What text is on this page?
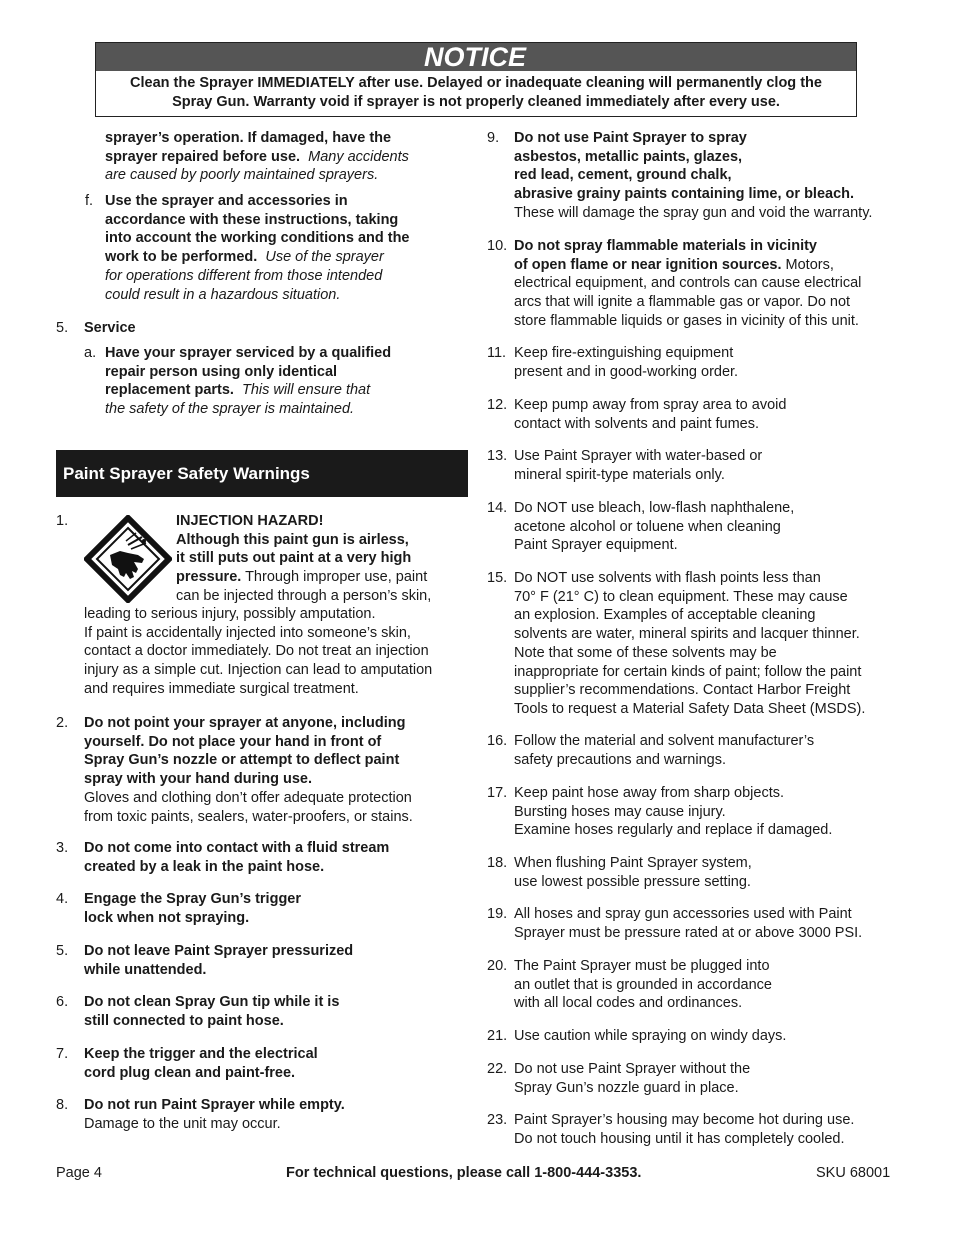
NOTICE
Clean the Sprayer IMMEDIATELY after use. Delayed or inadequate cleaning will permanently clog the
Spray Gun. Warranty void if sprayer is not properly cleaned immediately after every use.
sprayer’s operation. If damaged, have the
sprayer repaired before use. Many accidents
are caused by poorly maintained sprayers.
f. Use the sprayer and accessories in
accordance with these instructions, taking
into account the working conditions and the
work to be performed. Use of the sprayer
for operations different from those intended
could result in a hazardous situation.
5. Service
a. Have your sprayer serviced by a qualified
repair person using only identical
replacement parts. This will ensure that
the safety of the sprayer is maintained.
Paint Sprayer Safety Warnings
1.	INJECTION HAZARD!
Although this paint gun is airless,
it still puts out paint at a very high
pressure. Through improper use, paint
can be injected through a person’s skin,
leading to serious injury, possibly amputation.
If paint is accidentally injected into someone’s skin,
contact a doctor immediately. Do not treat an injection
injury as a simple cut. Injection can lead to amputation
and requires immediate surgical treatment.
2. Do not point your sprayer at anyone, including
yourself. Do not place your hand in front of
Spray Gun’s nozzle or attempt to deflect paint
spray with your hand during use.
Gloves and clothing don’t offer adequate protection
from toxic paints, sealers, water-proofers, or stains.
3. Do not come into contact with a fluid stream
created by a leak in the paint hose.
4. Engage the Spray Gun’s trigger
lock when not spraying.
5. Do not leave Paint Sprayer pressurized
while unattended.
6. Do not clean Spray Gun tip while it is
still connected to paint hose.
7. Keep the trigger and the electrical
cord plug clean and paint-free.
8. Do not run Paint Sprayer while empty.
Damage to the unit may occur.
9. Do not use Paint Sprayer to spray
asbestos, metallic paints, glazes,
red lead, cement, ground chalk,
abrasive grainy paints containing lime, or bleach.
These will damage the spray gun and void the warranty.
10. Do not spray flammable materials in vicinity
of open flame or near ignition sources. Motors,
electrical equipment, and controls can cause electrical
arcs that will ignite a flammable gas or vapor. Do not
store flammable liquids or gases in vicinity of this unit.
11. Keep fire-extinguishing equipment
present and in good-working order.
12. Keep pump away from spray area to avoid
contact with solvents and paint fumes.
13. Use Paint Sprayer with water-based or
mineral spirit-type materials only.
14. Do NOT use bleach, low-flash naphthalene,
acetone alcohol or toluene when cleaning
Paint Sprayer equipment.
15. Do NOT use solvents with flash points less than
70° F (21° C) to clean equipment. These may cause
an explosion. Examples of acceptable cleaning
solvents are water, mineral spirits and lacquer thinner.
Note that some of these solvents may be
inappropriate for certain kinds of paint; follow the paint
supplier’s recommendations. Contact Harbor Freight
Tools to request a Material Safety Data Sheet (MSDS).
16. Follow the material and solvent manufacturer’s
safety precautions and warnings.
17. Keep paint hose away from sharp objects.
Bursting hoses may cause injury.
Examine hoses regularly and replace if damaged.
18. When flushing Paint Sprayer system,
use lowest possible pressure setting.
19. All hoses and spray gun accessories used with Paint
Sprayer must be pressure rated at or above 3000 PSI.
20. The Paint Sprayer must be plugged into
an outlet that is grounded in accordance
with all local codes and ordinances.
21. Use caution while spraying on windy days.
22. Do not use Paint Sprayer without the
Spray Gun’s nozzle guard in place.
23. Paint Sprayer’s housing may become hot during use.
Do not touch housing until it has completely cooled.
Page 4	For technical questions, please call 1-800-444-3353.	SKU 68001
